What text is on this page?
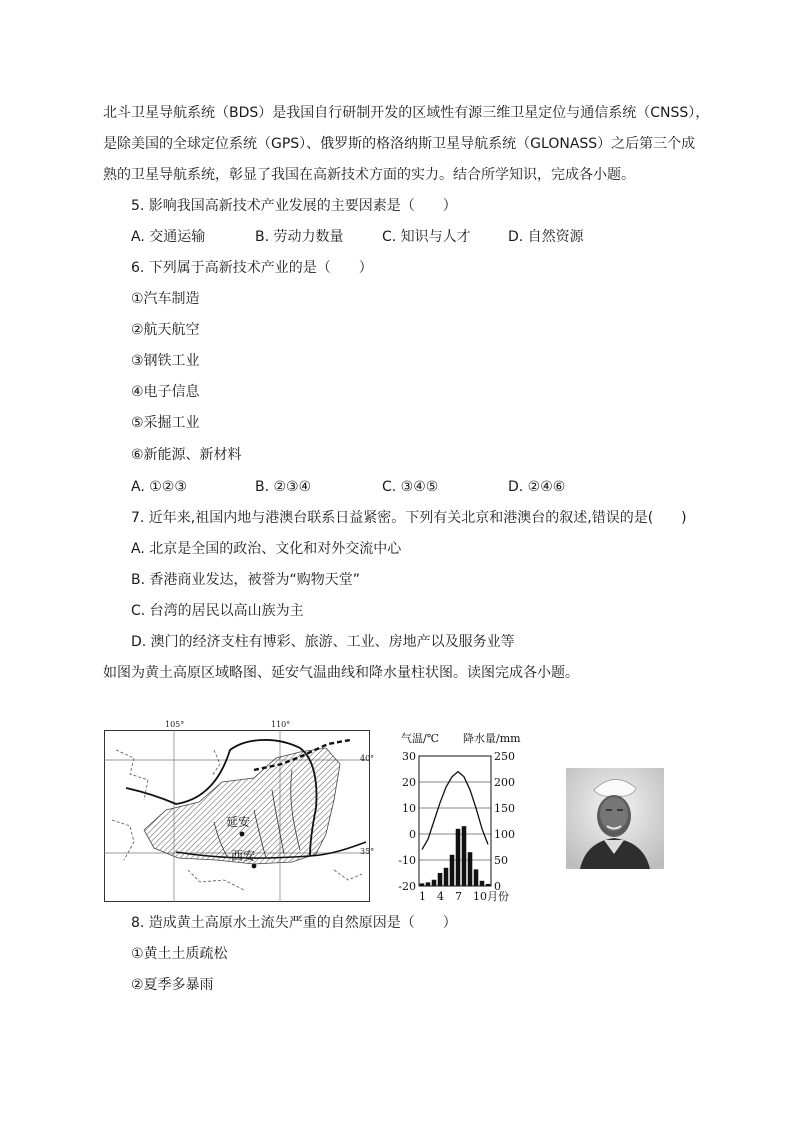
北斗卫星导航系统（BDS）是我国自行研制开发的区域性有源三维卫星定位与通信系统（CNSS），
是除美国的全球定位系统（GPS）、俄罗斯的格洛纳斯卫星导航系统（GLONASS）之后第三个成
熟的卫星导航系统，彰显了我国在高新技术方面的实力。结合所学知识，完成各小题。
5. 影响我国高新技术产业发展的主要因素是（　　）
A. 交通运输	B. 劳动力数量	C. 知识与人才	D. 自然资源
6. 下列属于高新技术产业的是（　　）
①汽车制造
②航天航空
③钢铁工业
④电子信息
⑤采掘工业
⑥新能源、新材料
A. ①②③	B. ②③④	C. ③④⑤	D. ②④⑥
7. 近年来,祖国内地与港澳台联系日益紧密。下列有关北京和港澳台的叙述,错误的是(　　)
A. 北京是全国的政治、文化和对外交流中心
B. 香港商业发达，被誉为“购物天堂”
C. 台湾的居民以高山族为主
D. 澳门的经济支柱有博彩、旅游、工业、房地产以及服务业等
如图为黄土高原区域略图、延安气温曲线和降水量柱状图。读图完成各小题。
延安
西安
105°	110°
40°
35°
气温/℃ 降水量/mm
30
20
10
0
-10
-20
250
200
150
100
50
0
1 4 7 10月份
8. 造成黄土高原水土流失严重的自然原因是（　　）
①黄土土质疏松
②夏季多暴雨
